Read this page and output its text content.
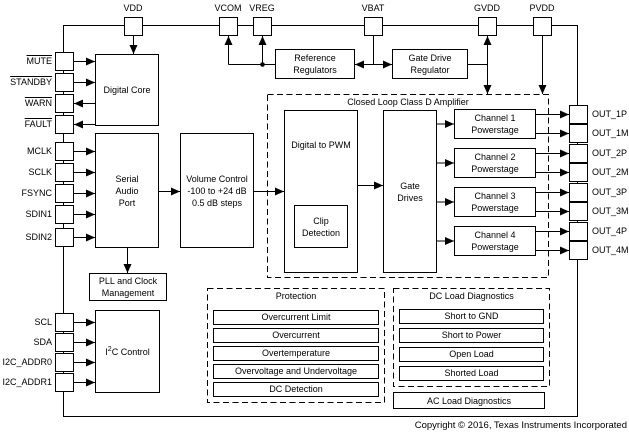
VDD	VCOM VREG	VBAT	GVDD	PVDD
MUTE
STANDBY
WARN
FAULT
MCLK
SCLK
FSYNC
SDIN1
SDIN2
SCL
SDA
I2C_ADDR0
I2C_ADDR1
OUT_1P
OUT_1M
OUT_2P
OUT_2M
OUT_3P
OUT_3M
OUT_4P
OUT_4M
Digital Core
Serial
Audio
Port
Volume Control
-100 to +24 dB
0.5 dB steps
PLL and Clock
Management
$I^2C$ Control
Reference
Regulators
Gate Drive
Regulator
Closed Loop Class D Amplifier
Digital to PWM
Clip
Detection
Gate
Drives
Channel 1
Powerstage
Channel 2
Powerstage
Channel 3
Powerstage
Channel 4
Powerstage
Protection
Overcurrent Limit
Overcurrent
Overtemperature
Overvoltage and Undervoltage
DC Detection
DC Load Diagnostics
Short to GND
Short to Power
Open Load
Shorted Load
AC Load Diagnostics
Copyright © 2016, Texas Instruments Incorporated
